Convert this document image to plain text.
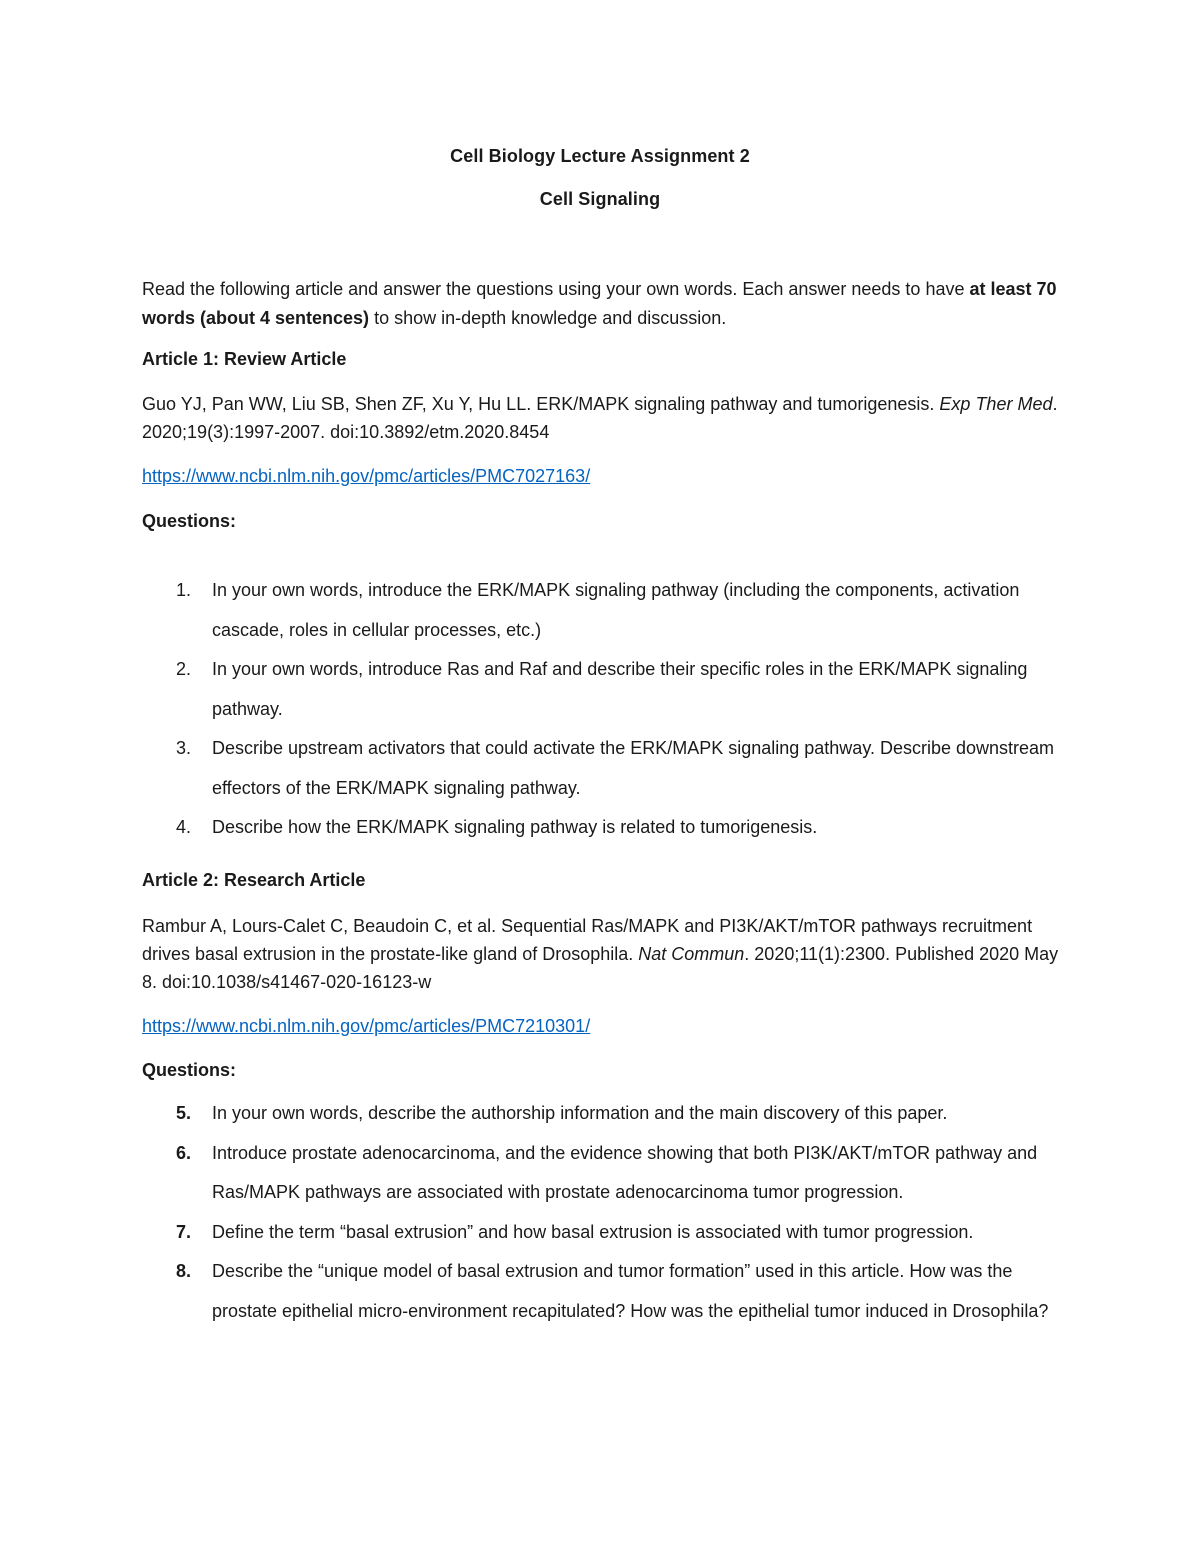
Cell Biology Lecture Assignment 2
Cell Signaling
Read the following article and answer the questions using your own words. Each answer needs to have at least 70 words (about 4 sentences) to show in-depth knowledge and discussion.
Article 1: Review Article
Guo YJ, Pan WW, Liu SB, Shen ZF, Xu Y, Hu LL. ERK/MAPK signaling pathway and tumorigenesis. Exp Ther Med. 2020;19(3):1997-2007. doi:10.3892/etm.2020.8454
https://www.ncbi.nlm.nih.gov/pmc/articles/PMC7027163/
Questions:
1. In your own words, introduce the ERK/MAPK signaling pathway (including the components, activation cascade, roles in cellular processes, etc.)
2. In your own words, introduce Ras and Raf and describe their specific roles in the ERK/MAPK signaling pathway.
3. Describe upstream activators that could activate the ERK/MAPK signaling pathway. Describe downstream effectors of the ERK/MAPK signaling pathway.
4. Describe how the ERK/MAPK signaling pathway is related to tumorigenesis.
Article 2: Research Article
Rambur A, Lours-Calet C, Beaudoin C, et al. Sequential Ras/MAPK and PI3K/AKT/mTOR pathways recruitment drives basal extrusion in the prostate-like gland of Drosophila. Nat Commun. 2020;11(1):2300. Published 2020 May 8. doi:10.1038/s41467-020-16123-w
https://www.ncbi.nlm.nih.gov/pmc/articles/PMC7210301/
Questions:
5. In your own words, describe the authorship information and the main discovery of this paper.
6. Introduce prostate adenocarcinoma, and the evidence showing that both PI3K/AKT/mTOR pathway and Ras/MAPK pathways are associated with prostate adenocarcinoma tumor progression.
7. Define the term “basal extrusion” and how basal extrusion is associated with tumor progression.
8. Describe the “unique model of basal extrusion and tumor formation” used in this article. How was the prostate epithelial micro-environment recapitulated? How was the epithelial tumor induced in Drosophila?
